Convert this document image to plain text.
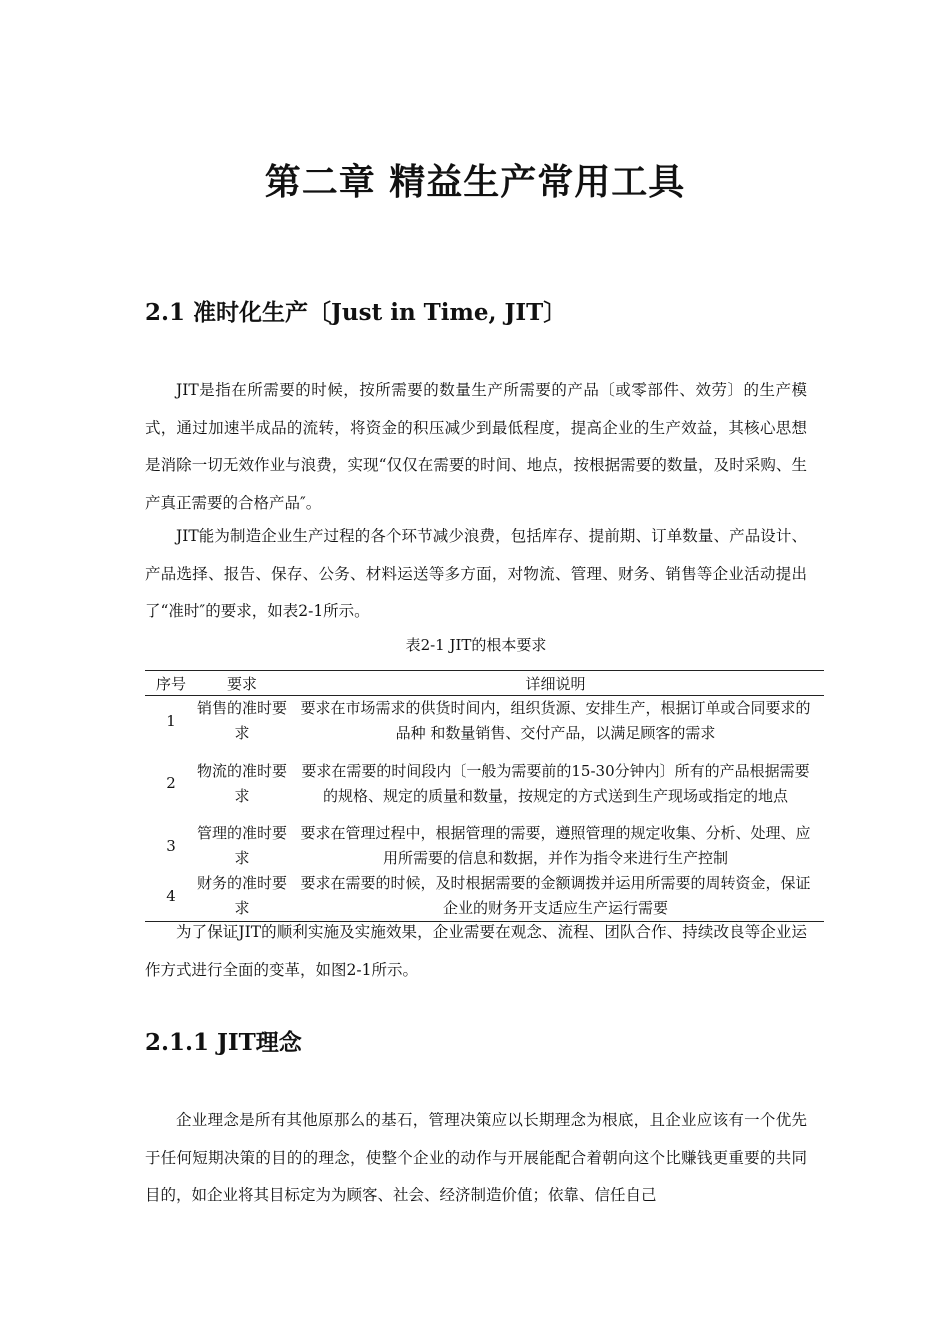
第二章 精益生产常用工具
2.1 准时化生产〔Just in Time, JIT〕

JIT是指在所需要的时候，按所需要的数量生产所需要的产品〔或零部件、效劳〕的生产模式，通过加速半成品的流转，将资金的积压减少到最低程度，提高企业的生产效益，其核心思想是消除一切无效作业与浪费，实现“仅仅在需要的时间、地点，按根据需要的数量，及时采购、生产真正需要的合格产品″。

JIT能为制造企业生产过程的各个环节减少浪费，包括库存、提前期、订单数量、产品设计、产品选择、报告、保存、公务、材料运送等多方面，对物流、管理、财务、销售等企业活动提出了“准时″的要求，如表2-1所示。

表2-1 JIT的根本要求
序号	要求	详细说明
1	销售的准时要求	要求在市场需求的供货时间内，组织货源、安排生产，根据订单或合同要求的品种 和数量销售、交付产品，以满足顾客的需求
2	物流的准时要求	要求在需要的时间段内〔一般为需要前的15-30分钟内〕所有的产品根据需要的规格、规定的质量和数量，按规定的方式送到生产现场或指定的地点
3	管理的准时要求	要求在管理过程中，根据管理的需要，遵照管理的规定收集、分析、处理、应用所需要的信息和数据，并作为指令来进行生产控制
4	财务的准时要求	要求在需要的时候，及时根据需要的金额调拨并运用所需要的周转资金，保证企业的财务开支适应生产运行需要

为了保证JIT的顺利实施及实施效果，企业需要在观念、流程、团队合作、持续改良等企业运作方式进行全面的变革，如图2-1所示。

2.1.1 JIT理念

企业理念是所有其他原那么的基石，管理决策应以长期理念为根底，且企业应该有一个优先于任何短期决策的目的的理念，使整个企业的动作与开展能配合着朝向这个比赚钱更重要的共同目的，如企业将其目标定为为顾客、社会、经济制造价值；依靠、信任自己
